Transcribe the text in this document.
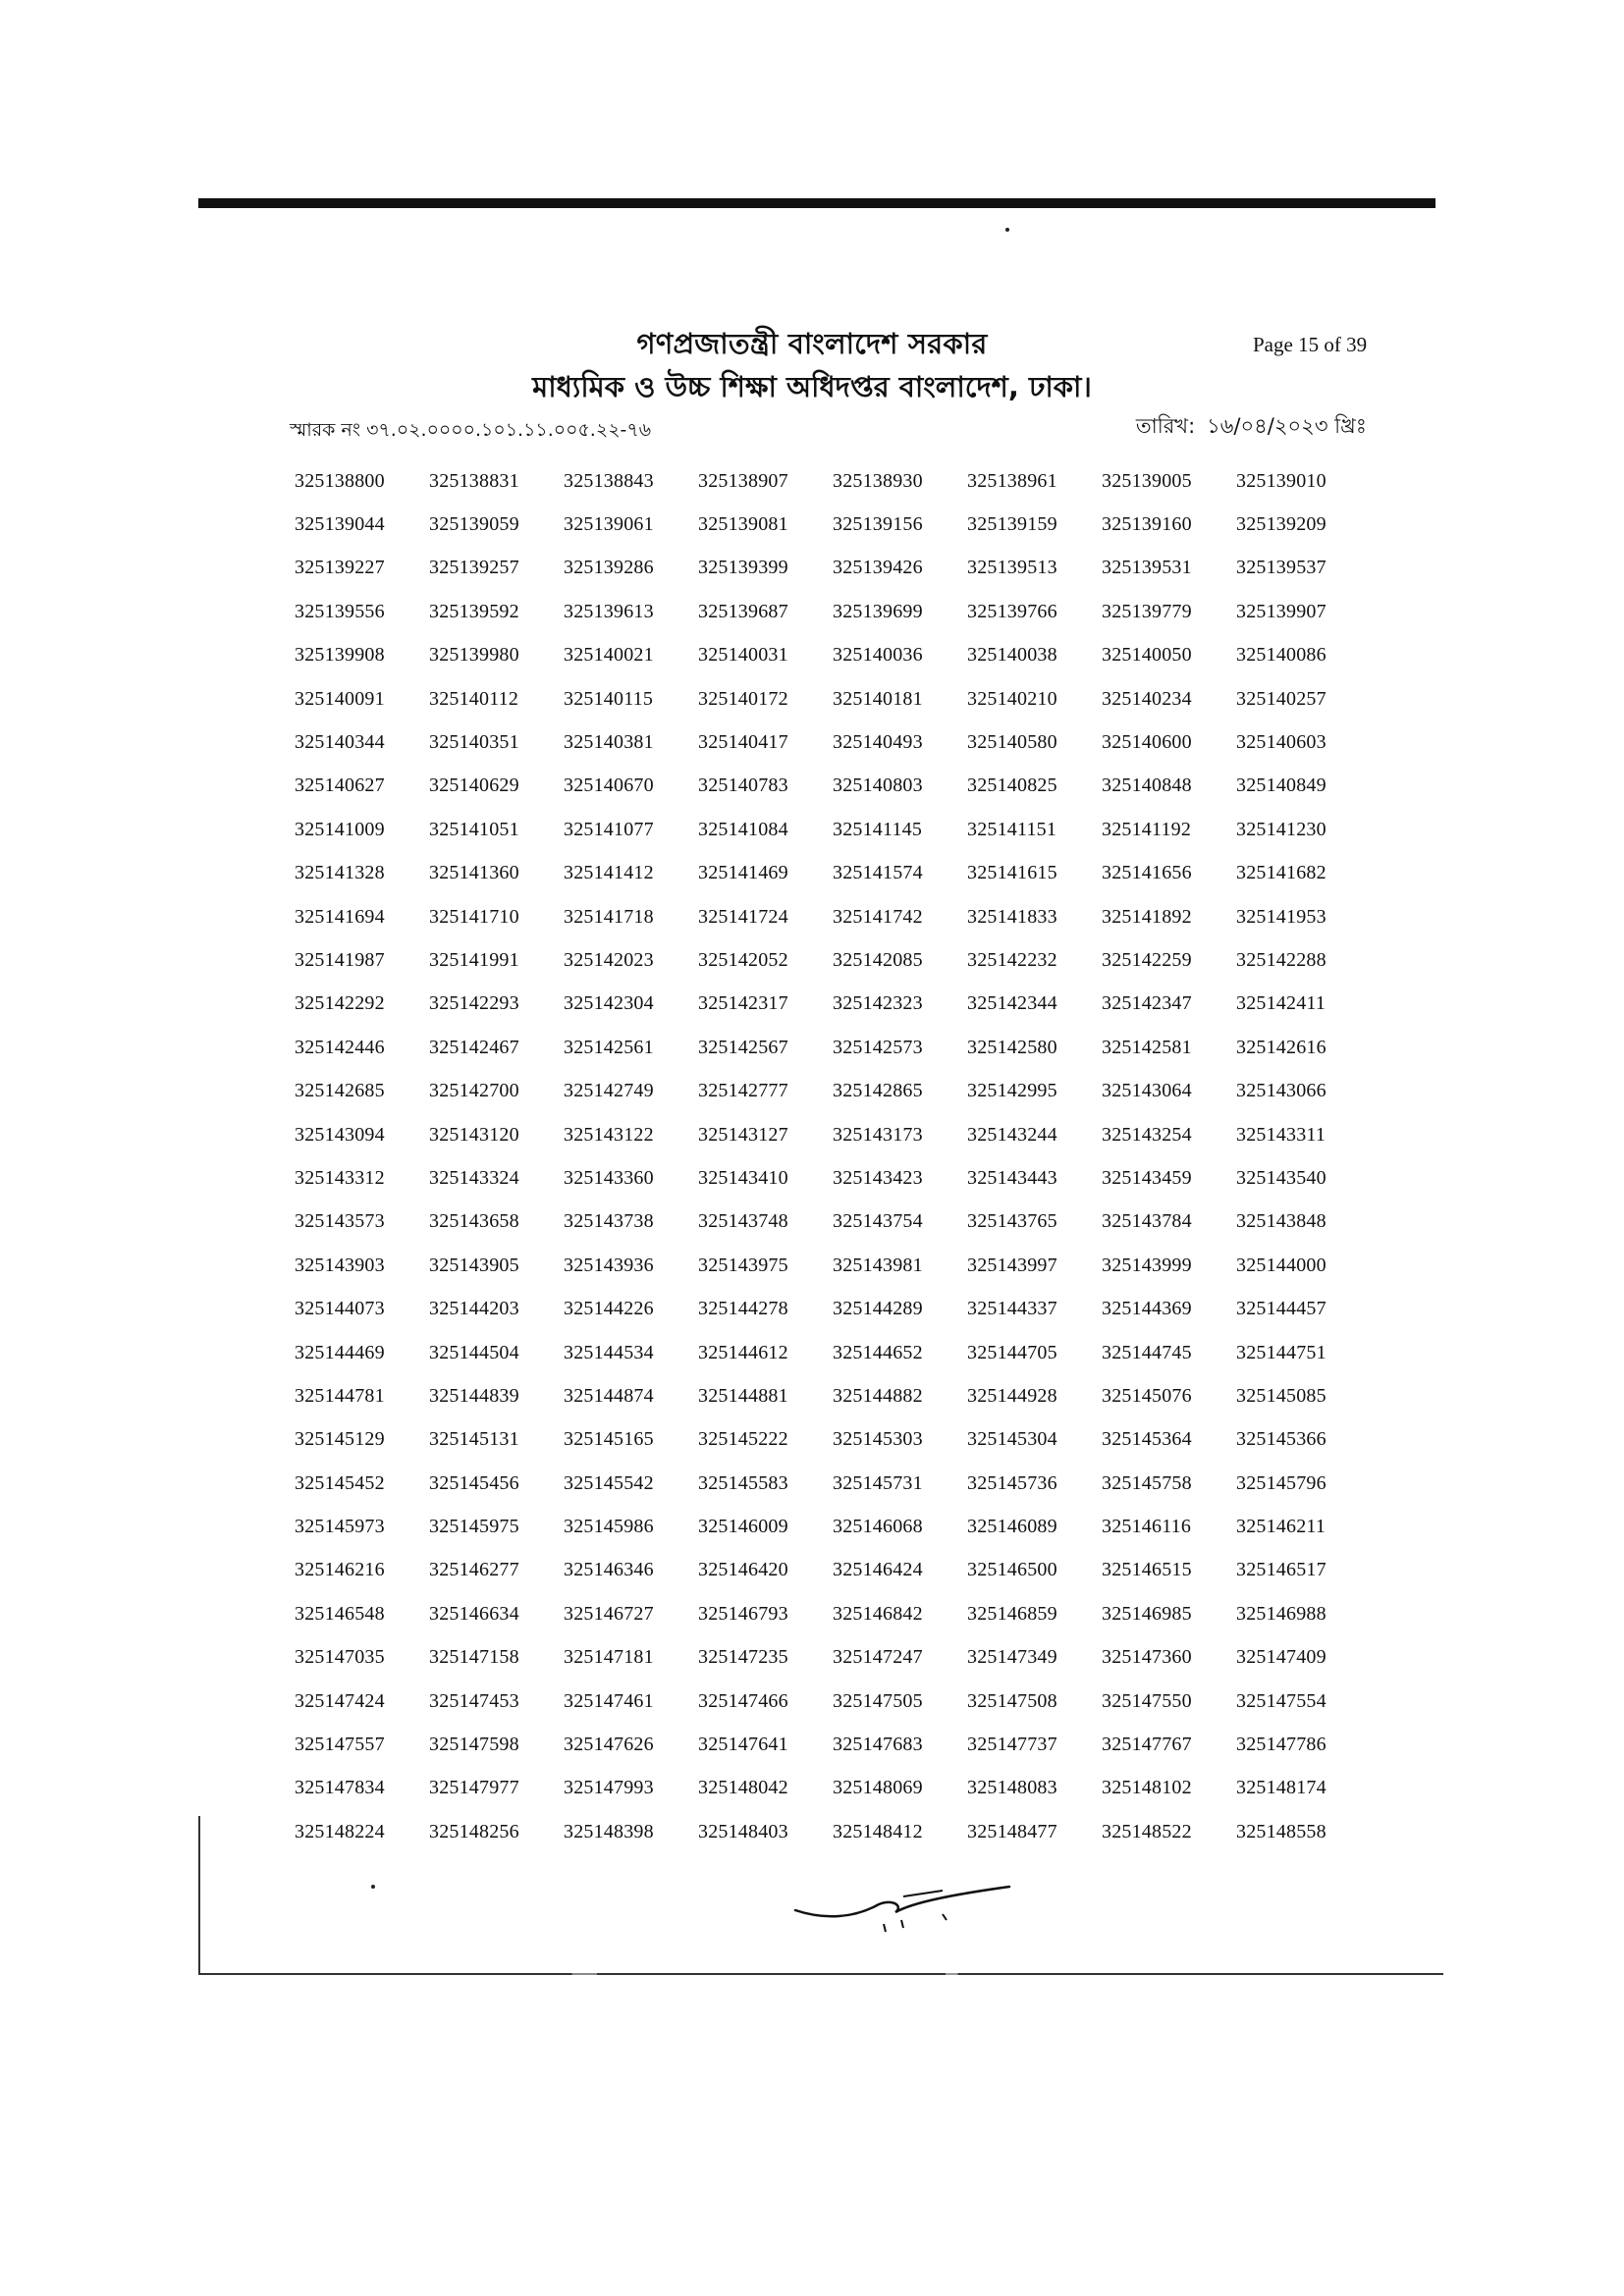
গণপ্রজাতন্ত্রী বাংলাদেশ সরকার
মাধ্যমিক ও উচ্চ শিক্ষা অধিদপ্তর বাংলাদেশ, ঢাকা।
Page 15 of 39
স্মারক নং ৩৭.০২.০০০০.১০১.১১.০০৫.২২-৭৬	তারিখ: ১৬/০৪/২০২৩ খ্রিঃ
325138800	325138831	325138843	325138907	325138930	325138961	325139005	325139010
325139044	325139059	325139061	325139081	325139156	325139159	325139160	325139209
325139227	325139257	325139286	325139399	325139426	325139513	325139531	325139537
325139556	325139592	325139613	325139687	325139699	325139766	325139779	325139907
325139908	325139980	325140021	325140031	325140036	325140038	325140050	325140086
325140091	325140112	325140115	325140172	325140181	325140210	325140234	325140257
325140344	325140351	325140381	325140417	325140493	325140580	325140600	325140603
325140627	325140629	325140670	325140783	325140803	325140825	325140848	325140849
325141009	325141051	325141077	325141084	325141145	325141151	325141192	325141230
325141328	325141360	325141412	325141469	325141574	325141615	325141656	325141682
325141694	325141710	325141718	325141724	325141742	325141833	325141892	325141953
325141987	325141991	325142023	325142052	325142085	325142232	325142259	325142288
325142292	325142293	325142304	325142317	325142323	325142344	325142347	325142411
325142446	325142467	325142561	325142567	325142573	325142580	325142581	325142616
325142685	325142700	325142749	325142777	325142865	325142995	325143064	325143066
325143094	325143120	325143122	325143127	325143173	325143244	325143254	325143311
325143312	325143324	325143360	325143410	325143423	325143443	325143459	325143540
325143573	325143658	325143738	325143748	325143754	325143765	325143784	325143848
325143903	325143905	325143936	325143975	325143981	325143997	325143999	325144000
325144073	325144203	325144226	325144278	325144289	325144337	325144369	325144457
325144469	325144504	325144534	325144612	325144652	325144705	325144745	325144751
325144781	325144839	325144874	325144881	325144882	325144928	325145076	325145085
325145129	325145131	325145165	325145222	325145303	325145304	325145364	325145366
325145452	325145456	325145542	325145583	325145731	325145736	325145758	325145796
325145973	325145975	325145986	325146009	325146068	325146089	325146116	325146211
325146216	325146277	325146346	325146420	325146424	325146500	325146515	325146517
325146548	325146634	325146727	325146793	325146842	325146859	325146985	325146988
325147035	325147158	325147181	325147235	325147247	325147349	325147360	325147409
325147424	325147453	325147461	325147466	325147505	325147508	325147550	325147554
325147557	325147598	325147626	325147641	325147683	325147737	325147767	325147786
325147834	325147977	325147993	325148042	325148069	325148083	325148102	325148174
325148224	325148256	325148398	325148403	325148412	325148477	325148522	325148558
